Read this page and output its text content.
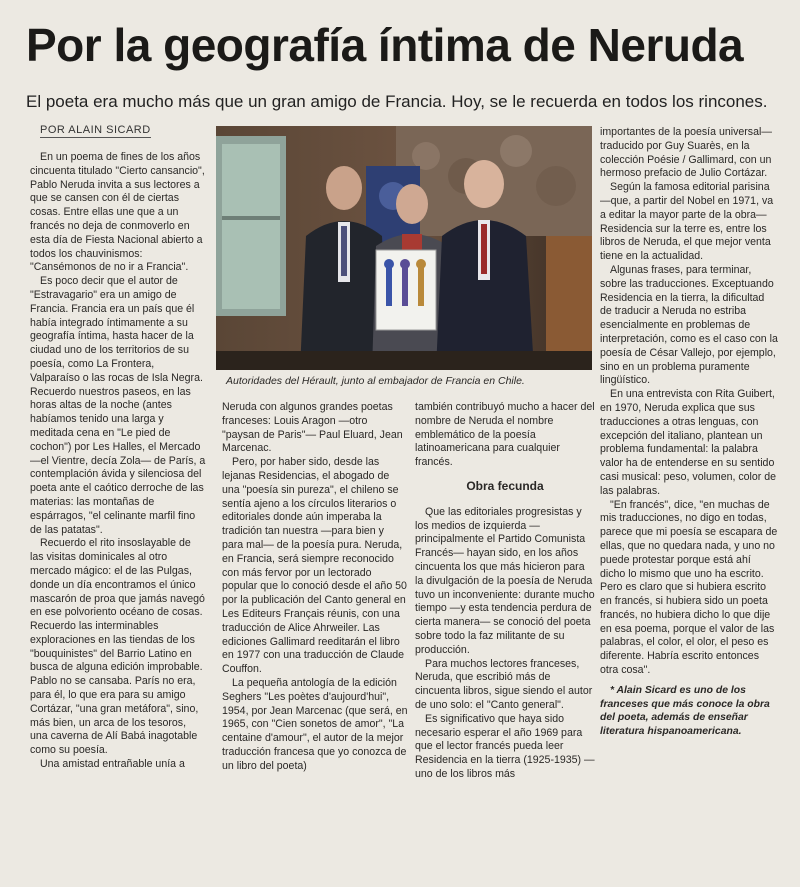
Por la geografía íntima de Neruda
El poeta era mucho más que un gran amigo de Francia. Hoy, se le recuerda en todos los rincones.
POR ALAIN SICARD

En un poema de fines de los años cincuenta titulado "Cierto cansancio", Pablo Neruda invita a sus lectores a que se cansen con él de ciertas cosas. Entre ellas une que a un francés no deja de conmoverlo en esta día de Fiesta Nacional abierto a todos los chauvinismos: "Cansémonos de no ir a Francia".

Es poco decir que el autor de "Estravagario" era un amigo de Francia. Francia era un país que él había integrado íntimamente a su geografía íntima, hasta hacer de la ciudad uno de los territorios de su poesía, como La Frontera, Valparaíso o las rocas de Isla Negra. Recuerdo nuestros paseos, en las horas altas de la noche (antes habíamos tenido una larga y meditada cena en "Le pied de cochon") por Les Halles, el Mercado —el Vientre, decía Zola— de París, a contemplación ávida y silenciosa del poeta ante el caótico derroche de las materias: las montañas de espárragos, "el celinante marfil fino de las patatas".

Recuerdo el rito insoslayable de las visitas dominicales al otro mercado mágico: el de las Pulgas, donde un día encontramos el único mascarón de proa que jamás navegó en ese polvoriento océano de cosas. Recuerdo las interminables exploraciones en las tiendas de los "bouquinistes" del Barrio Latino en busca de alguna edición improbable. Pablo no se cansaba. París no era, para él, lo que era para su amigo Cortázar, "una gran metáfora", sino, más bien, un arca de los tesoros, una caverna de Alí Babá inagotable como su poesía.

Una amistad entrañable unía a

Autoridades del Hérault, junto al embajador de Francia en Chile.

Neruda con algunos grandes poetas franceses: Louis Aragon —otro "paysan de Paris"— Paul Eluard, Jean Marcenac.

Pero, por haber sido, desde las lejanas Residencias, el abogado de una "poesía sin pureza", el chileno se sentía ajeno a los círculos literarios o editoriales donde aún imperaba la tradición tan nuestra —para bien y para mal— de la poesía pura. Neruda, en Francia, será siempre reconocido con más fervor por un lectorado popular que lo conoció desde el año 50 por la publicación del Canto general en Les Editeurs Français réunis, con una traducción de Alice Ahrweiler. Las ediciones Gallimard reeditarán el libro en 1977 con una traducción de Claude Couffon.

La pequeña antología de la edición Seghers "Les poètes d'aujourd'hui", 1954, por Jean Marcenac (que será, en 1965, con "Cien sonetos de amor", "La centaine d'amour", el autor de la mejor traducción francesa que yo conozca de un libro del poeta)

también contribuyó mucho a hacer del nombre de Neruda el nombre emblemático de la poesía latinoamericana para cualquier francés.

Obra fecunda

Que las editoriales progresistas y los medios de izquierda —principalmente el Partido Comunista Francés— hayan sido, en los años cincuenta los que más hicieron para la divulgación de la poesía de Neruda tuvo un inconveniente: durante mucho tiempo —y esta tendencia perdura de cierta manera— se conoció del poeta sobre todo la faz militante de su producción.

Para muchos lectores franceses, Neruda, que escribió más de cincuenta libros, sigue siendo el autor de uno solo: el "Canto general".

Es significativo que haya sido necesario esperar el año 1969 para que el lector francés pueda leer Residencia en la tierra (1925-1935) —uno de los libros más

importantes de la poesía universal— traducido por Guy Suarès, en la colección Poésie / Gallimard, con un hermoso prefacio de Julio Cortázar.

Según la famosa editorial parisina —que, a partir del Nobel en 1971, va a editar la mayor parte de la obra— Residencia sur la terre es, entre los libros de Neruda, el que mejor venta tiene en la actualidad.

Algunas frases, para terminar, sobre las traducciones. Exceptuando Residencia en la tierra, la dificultad de traducir a Neruda no estriba esencialmente en problemas de interpretación, como es el caso con la poesía de César Vallejo, por ejemplo, sino en un problema puramente lingüístico.

En una entrevista con Rita Guibert, en 1970, Neruda explica que sus traducciones a otras lenguas, con excepción del italiano, plantean un problema fundamental: la palabra valor ha de entenderse en su sentido casi musical: peso, volumen, color de las palabras.

"En francés", dice, "en muchas de mis traducciones, no digo en todas, parece que mi poesía se escapara de ellas, que no quedara nada, y uno no puede protestar porque está ahí dicho lo mismo que uno ha escrito. Pero es claro que si hubiera escrito en francés, si hubiera sido un poeta francés, no hubiera dicho lo que dije en esa poema, porque el valor de las palabras, el color, el olor, el peso es diferente. Habría escrito entonces otra cosa".

* Alain Sicard es uno de los franceses que más conoce la obra del poeta, además de enseñar literatura hispanoamericana.
